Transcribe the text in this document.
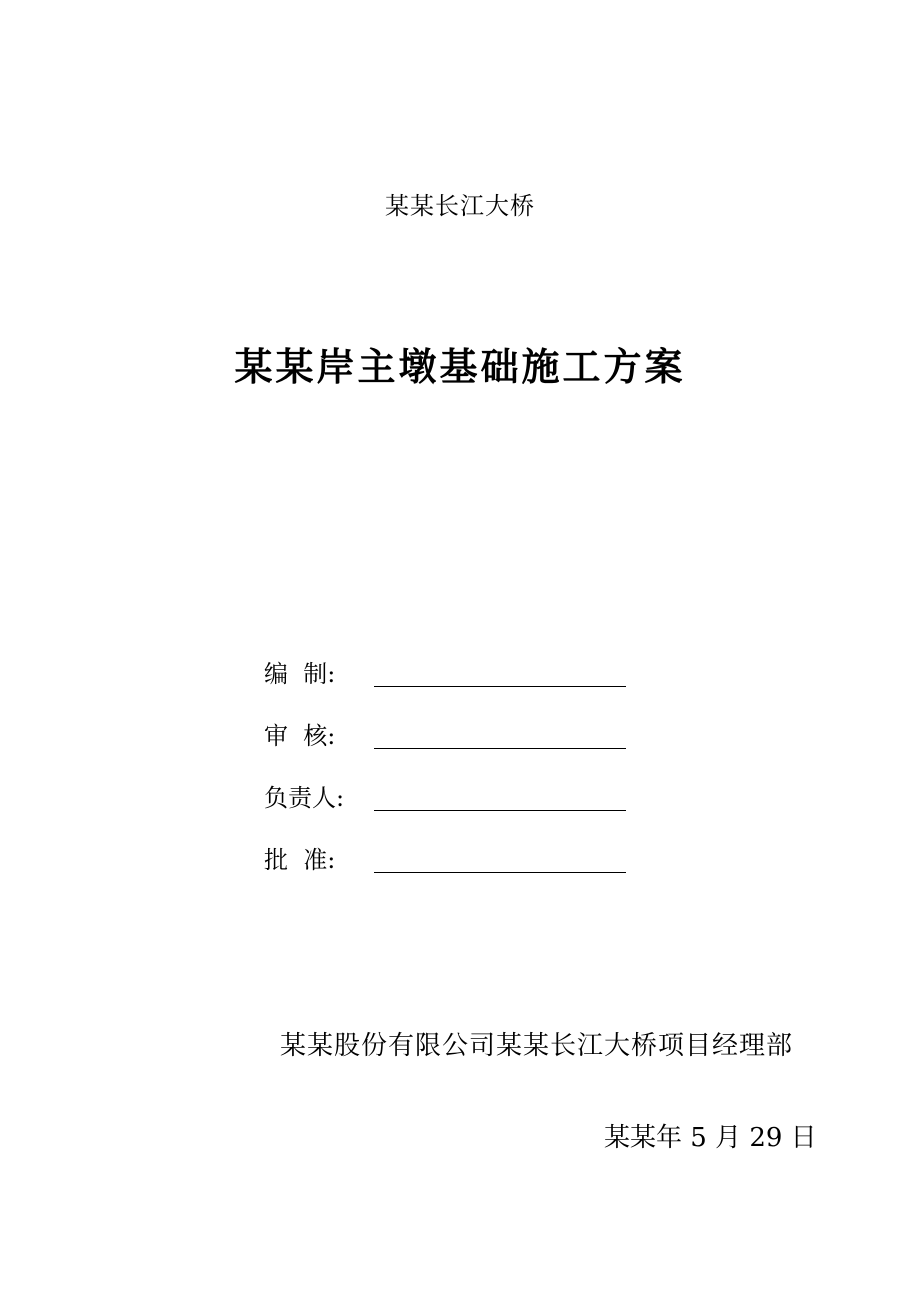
某某长江大桥
某某岸主墩基础施工方案
编  制:
审  核:
负责人:
批  准:
某某股份有限公司某某长江大桥项目经理部
某某年 5 月 29 日
